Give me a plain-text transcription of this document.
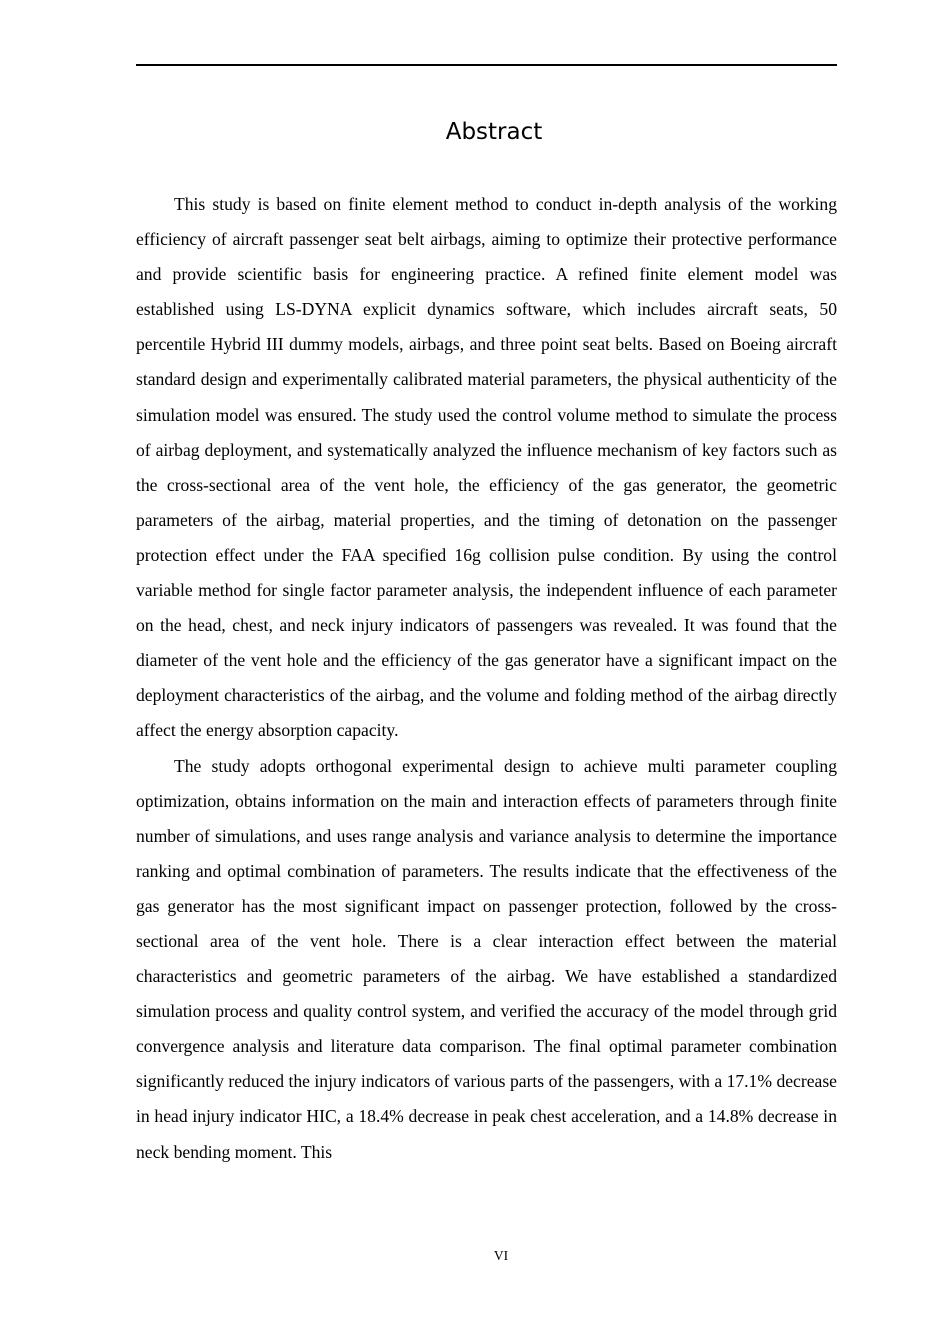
Abstract

This study is based on finite element method to conduct in-depth analysis of the working efficiency of aircraft passenger seat belt airbags, aiming to optimize their protective performance and provide scientific basis for engineering practice. A refined finite element model was established using LS-DYNA explicit dynamics software, which includes aircraft seats, 50 percentile Hybrid III dummy models, airbags, and three point seat belts. Based on Boeing aircraft standard design and experimentally calibrated material parameters, the physical authenticity of the simulation model was ensured. The study used the control volume method to simulate the process of airbag deployment, and systematically analyzed the influence mechanism of key factors such as the cross-sectional area of the vent hole, the efficiency of the gas generator, the geometric parameters of the airbag, material properties, and the timing of detonation on the passenger protection effect under the FAA specified 16g collision pulse condition. By using the control variable method for single factor parameter analysis, the independent influence of each parameter on the head, chest, and neck injury indicators of passengers was revealed. It was found that the diameter of the vent hole and the efficiency of the gas generator have a significant impact on the deployment characteristics of the airbag, and the volume and folding method of the airbag directly affect the energy absorption capacity.

The study adopts orthogonal experimental design to achieve multi parameter coupling optimization, obtains information on the main and interaction effects of parameters through finite number of simulations, and uses range analysis and variance analysis to determine the importance ranking and optimal combination of parameters. The results indicate that the effectiveness of the gas generator has the most significant impact on passenger protection, followed by the cross-sectional area of the vent hole. There is a clear interaction effect between the material characteristics and geometric parameters of the airbag. We have established a standardized simulation process and quality control system, and verified the accuracy of the model through grid convergence analysis and literature data comparison. The final optimal parameter combination significantly reduced the injury indicators of various parts of the passengers, with a 17.1% decrease in head injury indicator HIC, a 18.4% decrease in peak chest acceleration, and a 14.8% decrease in neck bending moment. This

VI
